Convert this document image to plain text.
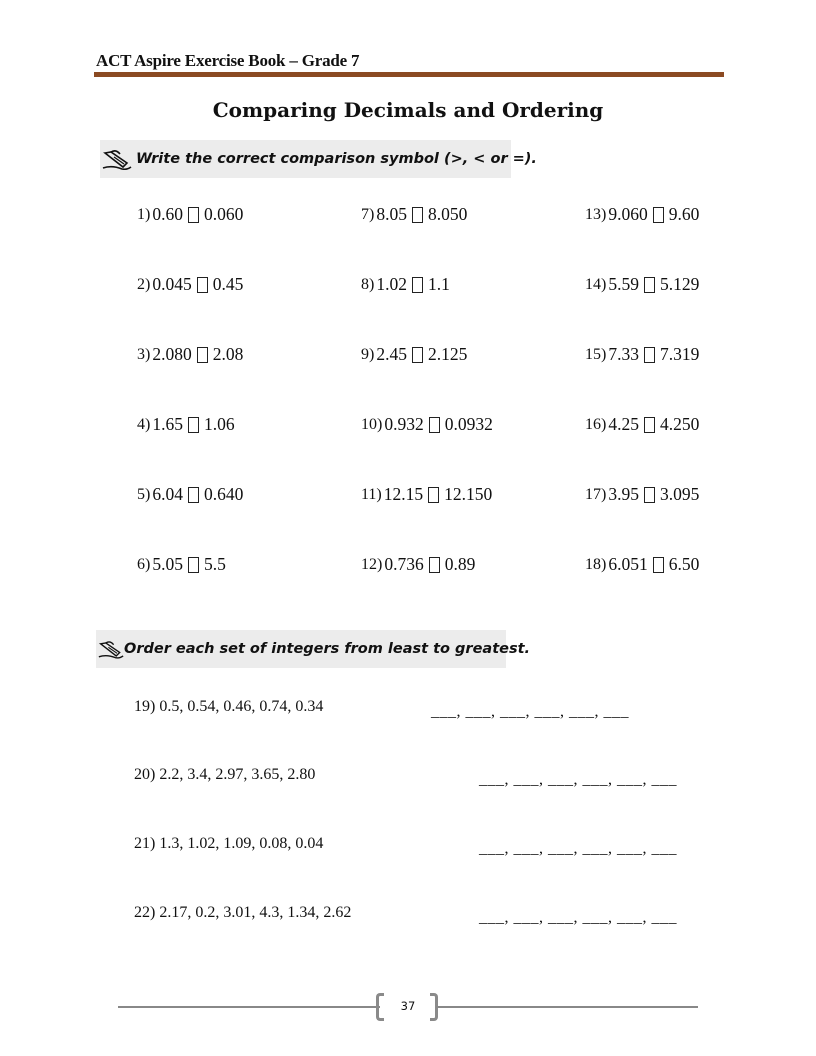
ACT Aspire Exercise Book – Grade 7
Comparing Decimals and Ordering
Write the correct comparison symbol (>, < or =).
1) 0.60 0.060
2) 0.045 0.45
3) 2.080 2.08
4) 1.65 1.06
5) 6.04 0.640
6) 5.05 5.5
7) 8.05 8.050
8) 1.02 1.1
9) 2.45 2.125
10) 0.932 0.0932
11) 12.15 12.150
12) 0.736 0.89
13) 9.060 9.60
14) 5.59 5.129
15) 7.33 7.319
16) 4.25 4.250
17) 3.95 3.095
18) 6.051 6.50
Order each set of integers from least to greatest.
19) 0.5, 0.54, 0.46, 0.74, 0.34	___, ___, ___, ___, ___, ___
20) 2.2, 3.4, 2.97, 3.65, 2.80	___, ___, ___, ___, ___, ___
21) 1.3, 1.02, 1.09, 0.08, 0.04	___, ___, ___, ___, ___, ___
22) 2.17, 0.2, 3.01, 4.3, 1.34, 2.62	___, ___, ___, ___, ___, ___
37
